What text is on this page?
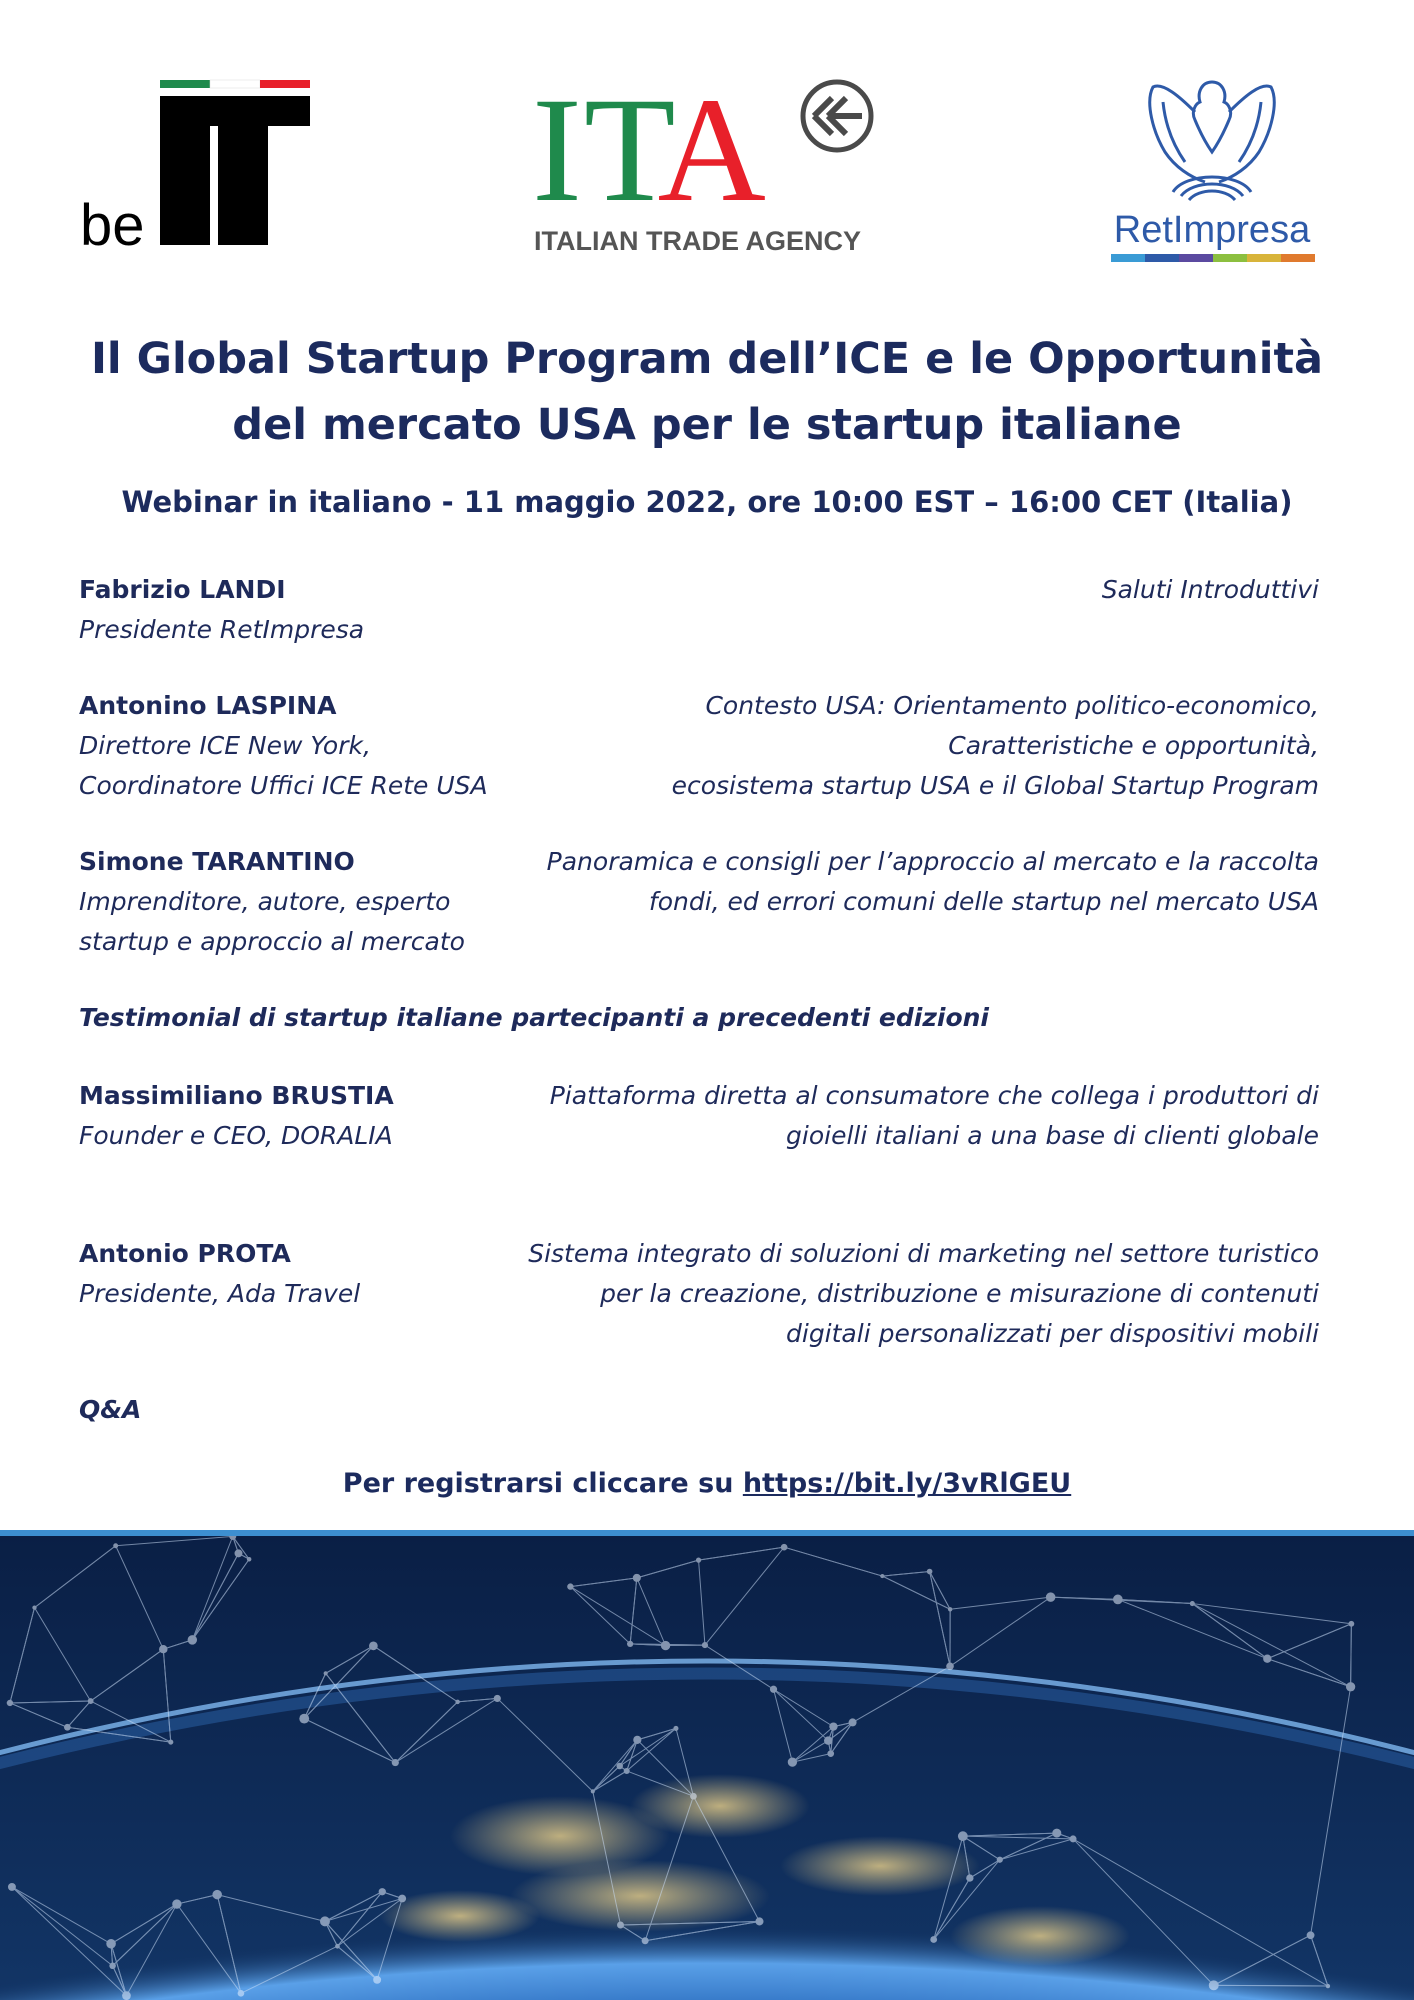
be	ITA
ITALIAN TRADE AGENCY	RetImpresa
Il Global Startup Program dell’ICE e le Opportunità
del mercato USA per le startup italiane
Webinar in italiano - 11 maggio 2022, ore 10:00 EST – 16:00 CET (Italia)
Fabrizio LANDI
Presidente RetImpresa
Saluti Introduttivi
Antonino LASPINA
Direttore ICE New York,
Coordinatore Uffici ICE Rete USA
Contesto USA: Orientamento politico-economico,
Caratteristiche e opportunità,
ecosistema startup USA e il Global Startup Program
Simone TARANTINO
Imprenditore, autore, esperto
startup e approccio al mercato
Panoramica e consigli per l’approccio al mercato e la raccolta
fondi, ed errori comuni delle startup nel mercato USA
Testimonial di startup italiane partecipanti a precedenti edizioni
Massimiliano BRUSTIA
Founder e CEO, DORALIA
Piattaforma diretta al consumatore che collega i produttori di
gioielli italiani a una base di clienti globale
Antonio PROTA
Presidente, Ada Travel
Sistema integrato di soluzioni di marketing nel settore turistico
per la creazione, distribuzione e misurazione di contenuti
digitali personalizzati per dispositivi mobili
Q&A
Per registrarsi cliccare su https://bit.ly/3vRlGEU
